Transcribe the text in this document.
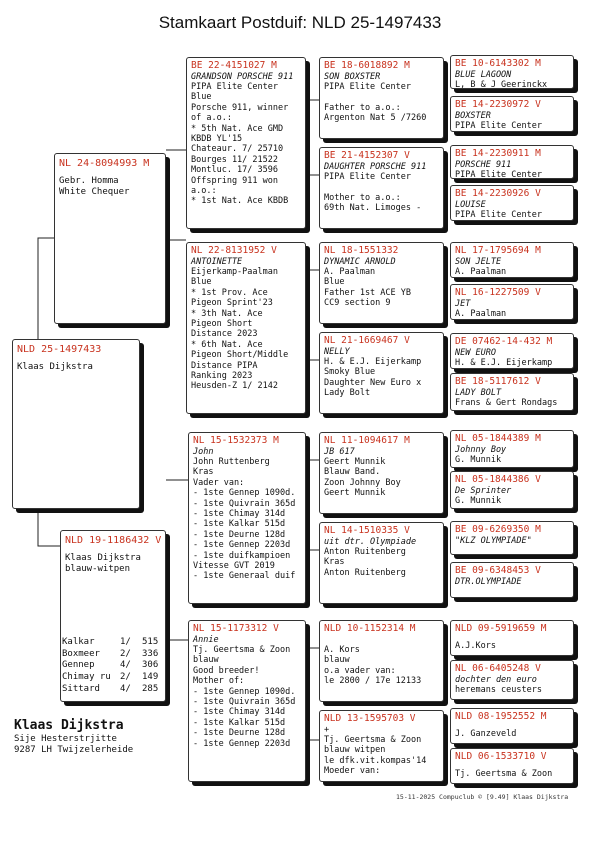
Stamkaart Postduif: NLD 25-1497433
NLD 25-1497433
Klaas Dijkstra
NL 24-8094993 M
Gebr. Homma
White Chequer
NLD 19-1186432 V
Klaas Dijkstra
blauw-witpen
Kalkar	1/ 515
Boxmeer 2/ 336
Gennep	4/ 306
Chimay ru 2/ 149
Sittard 4/ 285
BE 22-4151027 M
GRANDSON PORSCHE 911
PIPA Elite Center
Blue
Porsche 911, winner
of a.o.:
* 5th Nat. Ace GMD
KBDB YL'15
Chateaur. 7/ 25710
Bourges 11/ 21522
Montluc. 17/ 3596
Offspring 911 won
a.o.:
* 1st Nat. Ace KBDB
NL 22-8131952 V
ANTOINETTE
Eijerkamp-Paalman
Blue
* 1st Prov. Ace
Pigeon Sprint'23
* 3th Nat. Ace
Pigeon Short
Distance 2023
* 6th Nat. Ace
Pigeon Short/Middle
Distance PIPA
Ranking 2023
Heusden-Z 1/ 2142
NL 15-1532373 M
John
John Ruttenberg
Kras
Vader van:
- 1ste Gennep 1090d.
- 1ste Quivrain 365d
- 1ste Chimay 314d
- 1ste Kalkar 515d
- 1ste Deurne 128d
- 1ste Gennep 2203d
- 1ste duifkampioen
Vitesse GVT 2019
- 1ste Generaal duif
NL 15-1173312 V
Annie
Tj. Geertsma & Zoon
blauw
Good breeder!
Mother of:
- 1ste Gennep 1090d.
- 1ste Quivrain 365d
- 1ste Chimay 314d
- 1ste Kalkar 515d
- 1ste Deurne 128d
- 1ste Gennep 2203d
BE 18-6018892 M
SON BOXSTER
PIPA Elite Center

Father to a.o.:
Argenton Nat 5 /7260
BE 21-4152307 V
DAUGHTER PORSCHE 911
PIPA Elite Center

Mother to a.o.:
69th Nat. Limoges -
NL 18-1551332
DYNAMIC ARNOLD
A. Paalman
Blue
Father 1st ACE YB
CC9 section 9
NL 21-1669467 V
NELLY
H. & E.J. Eijerkamp
Smoky Blue
Daughter New Euro x
Lady Bolt
NL 11-1094617 M
JB 617
Geert Munnik
Blauw Band.
Zoon Johnny Boy
Geert Munnik
NL 14-1510335 V
uit dtr. Olympiade
Anton Ruitenberg
Kras
Anton Ruitenberg
NLD 10-1152314 M

A. Kors
blauw
o.a vader van:
le 2800 / 17e 12133
NLD 13-1595703 V
+
Tj. Geertsma & Zoon
blauw witpen
le dfk.vit.kompas'14
Moeder van:
BE 10-6143302 M
BLUE LAGOON
L, B & J Geerinckx
BE 14-2230972 V
BOXSTER
PIPA Elite Center
BE 14-2230911 M
PORSCHE 911
PIPA Elite Center
BE 14-2230926 V
LOUISE
PIPA Elite Center
NL 17-1795694 M
SON JELTE
A. Paalman
NL 16-1227509 V
JET
A. Paalman
DE 07462-14-432 M
NEW EURO
H. & E.J. Eijerkamp
BE 18-5117612 V
LADY BOLT
Frans & Gert Rondags
NL 05-1844389 M
Johnny Boy
G. Munnik
NL 05-1844386 V
De Sprinter
G. Munnik
BE 09-6269350 M
"KLZ OLYMPIADE"
BE 09-6348453 V
DTR.OLYMPIADE
NLD 09-5919659 M
A.J.Kors
NL 06-6405248 V
dochter den euro
heremans ceusters
NLD 08-1952552 M
J. Ganzeveld
NLD 06-1533710 V
Tj. Geertsma & Zoon
Klaas Dijkstra
Sije Hesterstrjitte
9287 LH Twijzelerheide
15-11-2025 Compuclub © [9.49] Klaas Dijkstra
